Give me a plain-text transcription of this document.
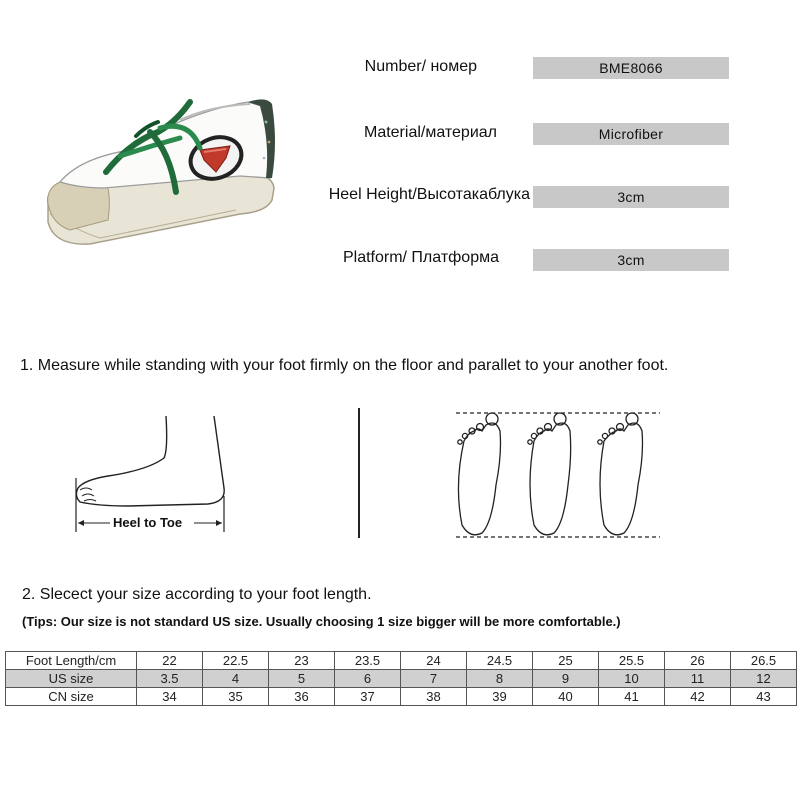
Number/ номер	BME8066
Material/материал	Microfiber
Heel Height/Высотакаблука	3cm
Platform/ Платформа	3cm
1. Measure while standing with your foot firmly on the floor and parallet to your another foot.
Heel to Toe
2. Slecect your size according to your foot length.
(Tips: Our size is not standard US size. Usually choosing 1 size bigger will be more comfortable.)
Foot Length/cm	22	22.5	23	23.5	24	24.5	25	25.5	26	26.5
US size	3.5	4	5	6	7	8	9	10	11	12
CN size	34	35	36	37	38	39	40	41	42	43
